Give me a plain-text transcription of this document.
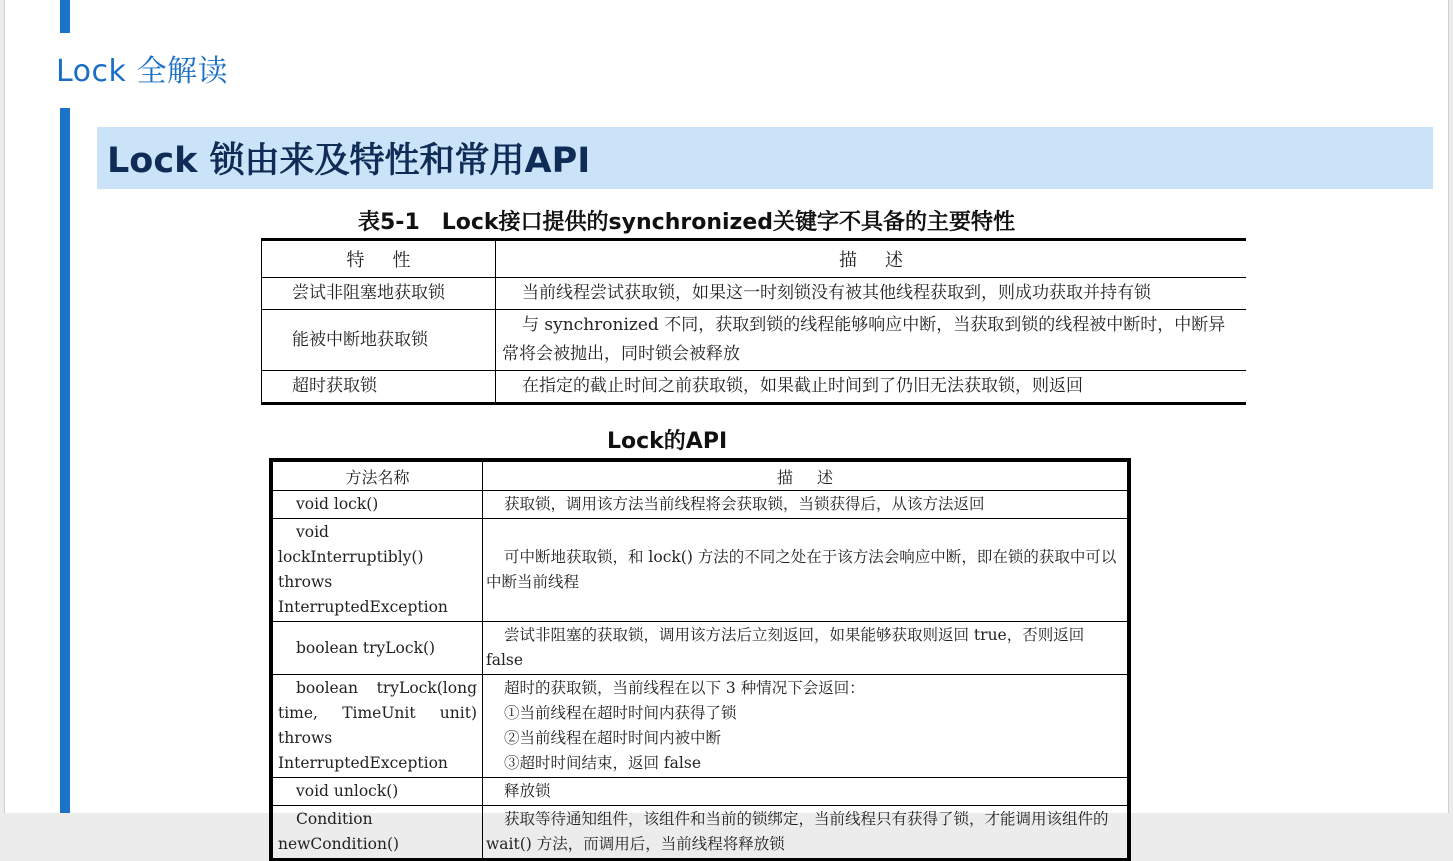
Lock 全解读
Lock 锁由来及特性和常用API

表5-1　Lock接口提供的synchronized关键字不具备的主要特性

特性	描述
尝试非阻塞地获取锁	当前线程尝试获取锁，如果这一时刻锁没有被其他线程获取到，则成功获取并持有锁
能被中断地获取锁	与 synchronized 不同，获取到锁的线程能够响应中断，当获取到锁的线程被中断时，中断异常将会被抛出，同时锁会被释放
超时获取锁	在指定的截止时间之前获取锁，如果截止时间到了仍旧无法获取锁，则返回

Lock的API

方法名称	描述
void lock()	获取锁，调用该方法当前线程将会获取锁，当锁获得后，从该方法返回
void lockInterruptibly() throws InterruptedException	可中断地获取锁，和 lock() 方法的不同之处在于该方法会响应中断，即在锁的获取中可以中断当前线程
boolean tryLock()	尝试非阻塞的获取锁，调用该方法后立刻返回，如果能够获取则返回 true，否则返回 false
boolean tryLock(long time, TimeUnit unit) throws InterruptedException	超时的获取锁，当前线程在以下 3 种情况下会返回：
①当前线程在超时时间内获得了锁
②当前线程在超时时间内被中断
③超时时间结束，返回 false

void unlock()	释放锁
Condition newCondition()	获取等待通知组件，该组件和当前的锁绑定，当前线程只有获得了锁，才能调用该组件的 wait() 方法，而调用后，当前线程将释放锁
